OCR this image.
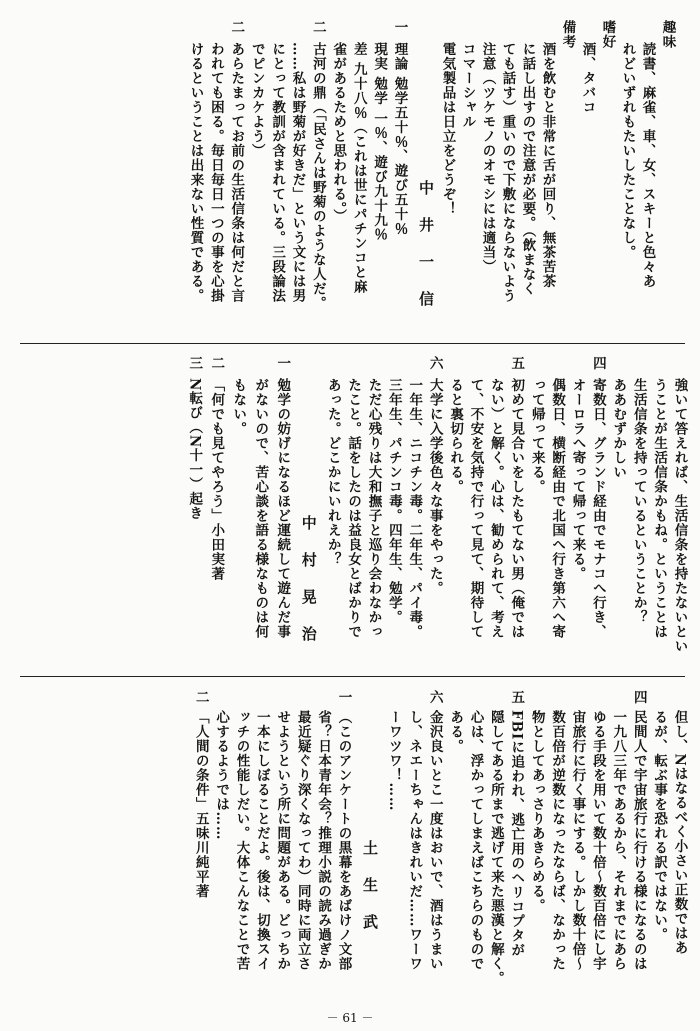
趣味
読書、麻雀、車、女、スキーと色々あ
れどいずれもたいしたことなし。
嗜好
酒、タバコ
備考
酒を飲むと非常に舌が回り、無茶苦茶
に話し出すので注意が必要。（飲まなく
ても話す）重いので下敷にならないよう
注意（ツケモノのオモシには適当）
コマーシャル
電気製品は日立をどうぞ！
中井一信
一
理論 勉学五十％、遊び五十％
現実 勉学 一％、遊び九十九％
差 九十八％（これは世にパチンコと麻
雀があるためと思われる。）
二
古河の鼎（「民さんは野菊のような人だ。
……私は野菊が好きだ」という文には男
にとって教訓が含まれている。三段論法
でピンカケよう）
二
あらたまってお前の生活信条は何だと言
われても困る。毎日毎日一つの事を心掛
けるということは出来ない性質である。
強いて答えれば、生活信条を持たないとい
うことが生活信条かもね。ということは
生活信条を持っているということか？
ああむずかしい
四
寄数日、グランド経由でモナコへ行き、
オーロラへ寄って帰って来る。
偶数日、横断経由で北国へ行き第六へ寄
って帰って来る。
五
初めて見合いをしたもてない男（俺では
ない）と解く。心は、勧められて、考え
て、不安を気持で行って見て、期待して
ると裏切られる。
六
大学に入学後色々な事をやった。
一年生、ニコチン毒。二年生、パイ毒。
三年生、パチンコ毒。四年生、勉学。
ただ心残りは大和撫子と巡り会わなかっ
たこと。話をしたのは益良女とばかりで
あった。どこかにいれえか？
中村晃治
一
勉学の妨げになるほど運続して遊んだ事
がないので、苦心談を語る様なものは何
もない。
二
「何でも見てやろう」小田実著
三
N転び（N十一）起き
但し、Nはなるべく小さい正数ではあ
るが、転ぶ事を恐れる訳ではない。
四
民間人で宇宙旅行に行ける様になるのは
一九八三年であるから、それまでにあら
ゆる手段を用いて数十倍～数百倍にし宇
宙旅行に行く事にする。しかし数十倍～
数百倍が逆数になったならば、なかった
物としてあっさりあきらめる。
五
FBIに追われ、逃亡用のヘリコプタが
隠してある所まで逃げて来た悪漢と解く。
心は、浮かってしまえばこちらのもので
ある。
六
金沢良いとこ一度はおいで、酒はうまい
し、ネエーちゃんはきれいだ……ワーワ
ーワツワ！……
土生武
一
（このアンケートの黒幕をあばけノ文部
省？日本青年会？推理小説の読み過ぎか
最近疑ぐり深くなってわ）同時に両立さ
せようという所に問題がある。どっちか
一本にしぼることだよ。後は、切換スイ
ッチの性能しだい。大体こんなことで苦
心するようでは……
二
「人間の条件」五味川純平著
－ 61 －
